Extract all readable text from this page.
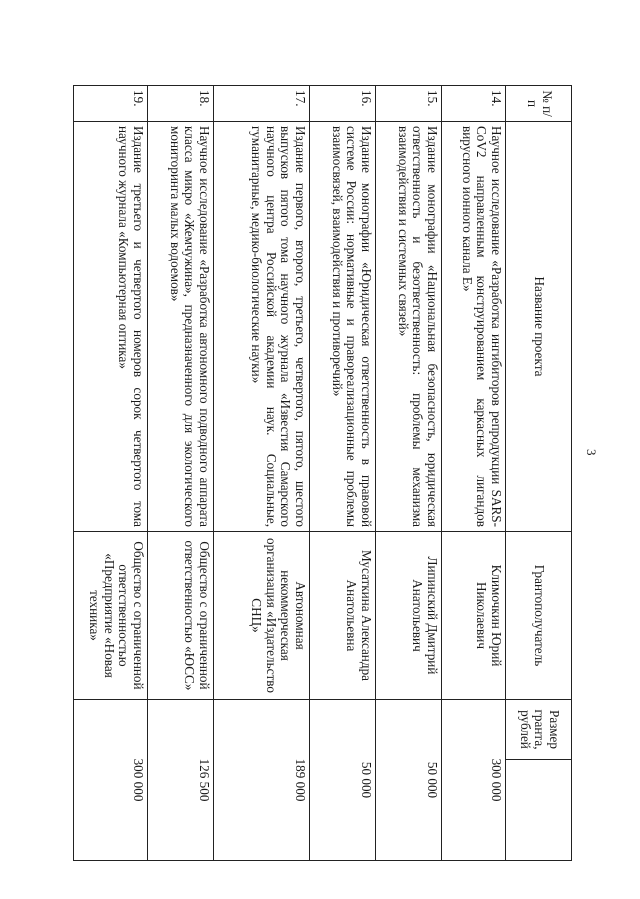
3
№ п/п	Название проекта	Грантополучатель	Размер гранта, рублей	
14.	Научное исследование «Разработка ингибиторов репродукции SARS-CoV2 направленным конструированием каркасных лигандов вирусного ионного канала E»	Климочкин Юрий Николаевич	300 000	
15.	Издание монографии «Национальная безопасность, юридическая ответственность и безответственность: проблемы механизма взаимодействия и системных связей»	Липинский Дмитрий Анатольевич	50 000	
16.	Издание монографии «Юридическая ответственность в правовой системе России: нормативные и правореализационные проблемы взаимосвязей, взаимодействия и противоречий»	Мусаткина Александра Анатольевна	50 000	
17.	Издание первого, второго, третьего, четвертого, пятого, шестого выпусков пятого тома научного журнала «Известия Самарского научного центра Российской академии наук. Социальные, гуманитарные, медико-биологические науки»	Автономная некоммерческая организация «Издательство СНЦ»	189 000	
18.	Научное исследование «Разработка автономного подводного аппарата класса микро «Жемчужина», предназначенного для экологического мониторинга малых водоемов»	Общество с ограниченной ответственностью «ЮСС»	126 500	
19.	Издание третьего и четвертого номеров сорок четвертого тома научного журнала «Компьютерная оптика»	Общество с ограниченной ответственностью «Предприятие «Новая техника»	300 000	
